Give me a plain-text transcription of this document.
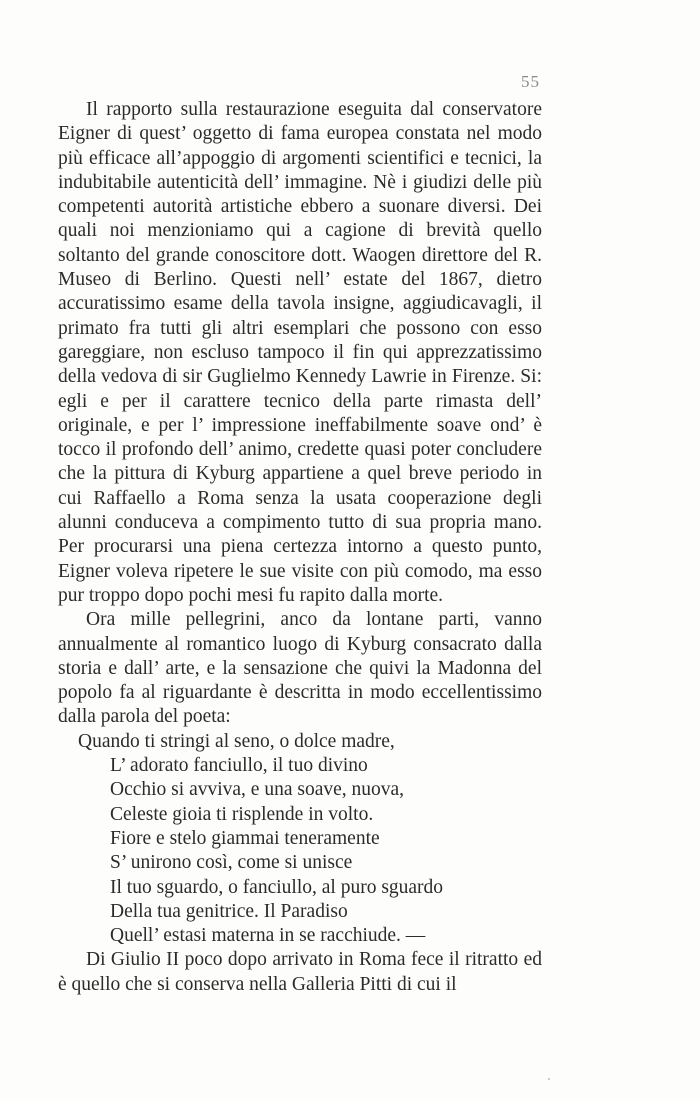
55

Il rapporto sulla restaurazione eseguita dal conservatore Eigner di quest’ oggetto di fama europea constata nel modo più efficace all’appoggio di argomenti scientifici e tecnici, la indubitabile autenticità dell’ immagine. Nè i giudizi delle più competenti autorità artistiche ebbero a suonare diversi. Dei quali noi menzioniamo qui a cagione di brevità quello soltanto del grande conoscitore dott. Waogen direttore del R. Museo di Berlino. Questi nell’ estate del 1867, dietro accuratissimo esame della tavola insigne, aggiudicavagli, il primato fra tutti gli altri esemplari che possono con esso gareggiare, non escluso tampoco il fin qui apprezzatissimo della vedova di sir Guglielmo Kennedy Lawrie in Firenze. Si: egli e per il carattere tecnico della parte rimasta dell’ originale, e per l’ impressione ineffabilmente soave ond’ è tocco il profondo dell’ animo, credette quasi poter concludere che la pittura di Kyburg appartiene a quel breve periodo in cui Raffaello a Roma senza la usata cooperazione degli alunni conduceva a compimento tutto di sua propria mano. Per procurarsi una piena certezza intorno a questo punto, Eigner voleva ripetere le sue visite con più comodo, ma esso pur troppo dopo pochi mesi fu rapito dalla morte.

Ora mille pellegrini, anco da lontane parti, vanno annualmente al romantico luogo di Kyburg consacrato dalla storia e dall’ arte, e la sensazione che quivi la Madonna del popolo fa al riguardante è descritta in modo eccellentissimo dalla parola del poeta:

Quando ti stringi al seno, o dolce madre,
L’ adorato fanciullo, il tuo divino
Occhio si avviva, e una soave, nuova,
Celeste gioia ti risplende in volto.
Fiore e stelo giammai teneramente
S’ unirono così, come si unisce
Il tuo sguardo, o fanciullo, al puro sguardo
Della tua genitrice. Il Paradiso
Quell’ estasi materna in se racchiude. —

Di Giulio II poco dopo arrivato in Roma fece il ritratto ed è quello che si conserva nella Galleria Pitti di cui il
